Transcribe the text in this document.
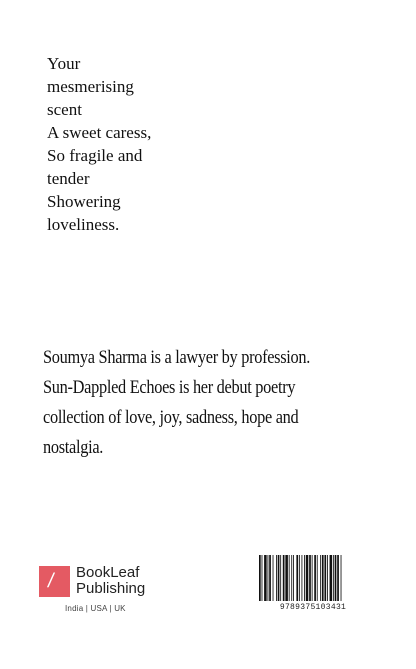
Your
mesmerising
scent
A sweet caress,
So fragile and
tender
Showering
loveliness.

Soumya Sharma is a lawyer by profession.
Sun-Dappled Echoes is her debut poetry
collection of love, joy, sadness, hope and
nostalgia.

/ BookLeaf
Publishing
India | USA | UK	9789375103431
